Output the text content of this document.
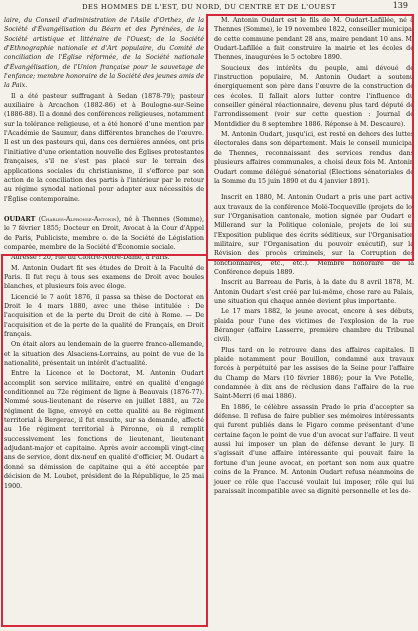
DES HOMMES DE L'EST, DU NORD, DU CENTRE ET DE L'OUEST	139

laire, du Conseil d'administration de l'Asile d'Orthez, de la Société d'Évangélisation du Béarn et des Pyrénées, de la Société artistique et littéraire de l'Ouest; de la Société d'Ethnographie nationale et d'Art populaire, du Comité de conciliation de l'Église réformée, de la Société nationale d'Évangélisation, de l'Union française pour le sauvetage de l'enfance; membre honoraire de la Société des jeunes amis de la Paix.

Il a été pasteur suffragant à Sedan (1878-79); pasteur auxiliaire à Arcachon (1882-86) et à Boulogne-sur-Seine (1886-88). Il a donné des conférences religieuses, notamment sur la tolérance religieuse, et a été honoré d'une mention par l'Académie de Saumur, dans différentes branches de l'œuvre. Il est un des pasteurs qui, dans ces dernières années, ont pris l'initiative d'une orientation nouvelle des Églises protestantes françaises, s'il ne s'est pas placé sur le terrain des applications sociales du christianisme, il s'efforce par son action de la conciliation des partis à l'intérieur par le retour au régime synodal national pour adapter aux nécessités de l'Église contemporaine.

OUDART (Charles-Alphonse-Antonin), né à Thennes (Somme), le 7 février 1855; Docteur en Droit, Avocat à la Cour d'Appel de Paris, Publiciste, membre o. de la Société de Législation comparée, membre de la Société d'Économie sociale.

Adresse : 20, rue du Cloître-Notre-Dame, à Paris.

M. Antonin Oudart fit ses études de Droit à la Faculté de Paris. Il fut reçu à tous ses examens de Droit avec boules blanches, et plusieurs fois avec éloge.

Licencié le 7 août 1876, il passa sa thèse de Doctorat en Droit le 4 mars 1880, avec une thèse intitulée : De l'acquisition et de la perte du Droit de cité à Rome. — De l'acquisition et de la perte de la qualité de Français, en Droit français.

On était alors au lendemain de la guerre franco-allemande, et la situation des Alsaciens-Lorrains, au point de vue de la nationalité, présentait un intérêt d'actualité.

Entre la Licence et le Doctorat, M. Antonin Oudart accomplit son service militaire, entré en qualité d'engagé conditionnel au 72e régiment de ligne à Beauvais (1876-77). Nommé sous-lieutenant de réserve en juillet 1881, au 72e régiment de ligne, envoyé en cette qualité au 8e régiment territorial à Bergerac, il fut ensuite, sur sa demande, affecté au 16e régiment territorial à Péronne, où il remplit successivement les fonctions de lieutenant, lieutenant adjudant-major et capitaine. Après avoir accompli vingt-cinq ans de service, dont dix-neuf en qualité d'officier, M. Oudart a donné sa démission de capitaine qui a été acceptée par décision de M. Loubet, président de la République, le 25 mai 1900.

M. Antonin Oudart est le fils de M. Oudart-Lafillée, né à Thennes (Somme), le 19 novembre 1822, conseiller municipal de cette commune pendant 28 ans, maire pendant 10 ans. M. Oudart-Lafillée a fait construire la mairie et les écoles de Thennes, inaugurées le 5 octobre 1890.

Soucieux des intérêts du peuple, ami dévoué de l'instruction populaire, M. Antonin Oudart a soutenu énergiquement son père dans l'œuvre de la construction de ces écoles. Il fallait alors lutter contre l'influence du conseiller général réactionnaire, devenu plus tard député de l'arrondissement (voir sur cette question : Journal de Montdidier du 8 septembre 1886. Réponse à M. Descaure).

M. Antonin Oudart, jusqu'ici, est resté en dehors des luttes électorales dans son département. Mais le conseil municipal de Thennes, reconnaissant des services rendus dans plusieurs affaires communales, a choisi deux fois M. Antonin Oudart comme délégué sénatorial (Élections sénatoriales de la Somme du 15 juin 1890 et du 4 janvier 1891).

Inscrit en 1880, M. Antonin Oudart a pris une part active aux travaux de la conférence Molé-Tocqueville (projets de loi sur l'Organisation cantonale, motion signée par Oudart et Millerand sur la Politique coloniale, projets de loi sur l'Exposition publique des écrits séditieux, sur l'Organisation militaire, sur l'Organisation du pouvoir exécutif), sur la Révision des procès criminels, sur la Corruption des fonctionnaires, etc., etc.). Membre honoraire de la Conférence depuis 1889.

Inscrit au Barreau de Paris, à la date du 8 avril 1878, M. Antonin Oudart s'est créé par lui-même, chose rare au Palais, une situation qui chaque année devient plus importante.

Le 17 mars 1882, le jeune avocat, encore à ses débuts, plaida pour l'une des victimes de l'explosion de la rue Béranger (affaire Lasserre, première chambre du Tribunal civil).

Plus tard on le retrouve dans des affaires capitales. Il plaide notamment pour Bouillon, condamné aux travaux forcés à perpétuité par les assises de la Seine pour l'affaire du Champ de Mars (10 février 1886); pour la Vve Potelle, condamnée à dix ans de réclusion dans l'affaire de la rue Saint-Merri (6 mai 1886).

En 1886, le célèbre assassin Prado le pria d'accepter sa défense. Il refusa de faire publier ses mémoires intéressants qui furent publiés dans le Figaro comme présentant d'une certaine façon le point de vue d'un avocat sur l'affaire. Il veut aussi lui imposer un plan de défense devant le jury. Il s'agissait d'une affaire intéressante qui pouvait faire la fortune d'un jeune avocat, en portant son nom aux quatre coins de la France. M. Antonin Oudart refusa néanmoins de jouer ce rôle que l'accusé voulait lui imposer, rôle qui lui paraissait incompatible avec sa dignité personnelle et les de-
